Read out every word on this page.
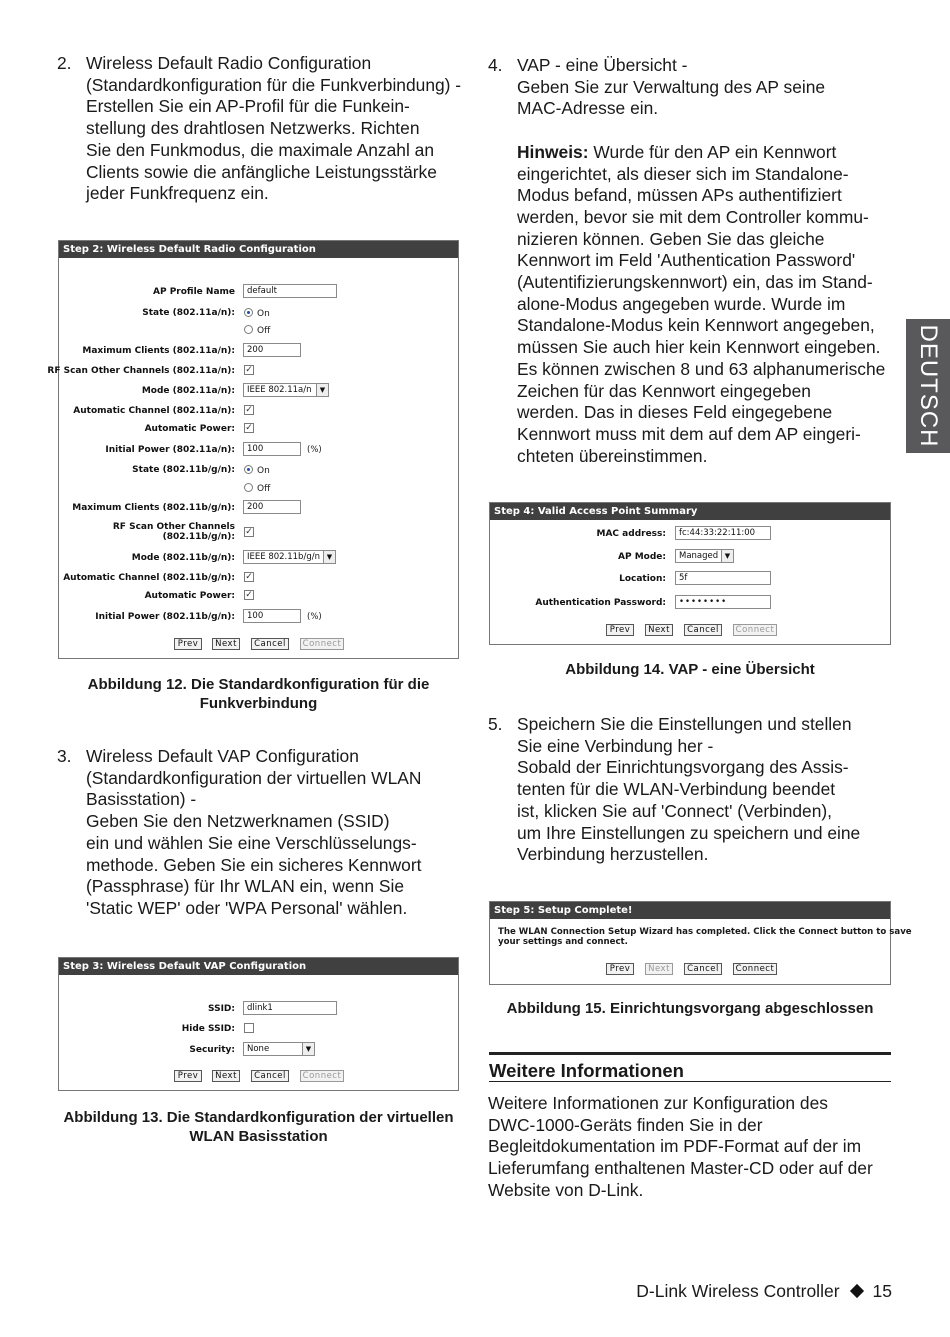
DEUTSCH
2. Wireless Default Radio Configuration
(Standardkonfiguration für die Funkverbindung) -
Erstellen Sie ein AP-Profil für die Funkein-
stellung des drahtlosen Netzwerks. Richten
Sie den Funkmodus, die maximale Anzahl an
Clients sowie die anfängliche Leistungsstärke
jeder Funkfrequenz ein.
Step 2: Wireless Default Radio Configuration
AP Profile Name	default
State (802.11a/n): On
Off
Maximum Clients (802.11a/n):	200
RF Scan Other Channels (802.11a/n): ✓
Mode (802.11a/n):	IEEE 802.11a/n	▼
Automatic Channel (802.11a/n): ✓
Automatic Power: ✓
Initial Power (802.11a/n):	100	(%)
State (802.11b/g/n): On
Off
Maximum Clients (802.11b/g/n):	200
RF Scan Other Channels
(802.11b/g/n): ✓
Mode (802.11b/g/n):	IEEE 802.11b/g/n ▼
Automatic Channel (802.11b/g/n): ✓
Automatic Power: ✓
Initial Power (802.11b/g/n):	100	(%)
Prev	Next	Cancel	Connect
Abbildung 12. Die Standardkonfiguration für die
Funkverbindung
3. Wireless Default VAP Configuration
(Standardkonfiguration der virtuellen WLAN
Basisstation) -
Geben Sie den Netzwerknamen (SSID)
ein und wählen Sie eine Verschlüsselungs-
methode. Geben Sie ein sicheres Kennwort
(Passphrase) für Ihr WLAN ein, wenn Sie
'Static WEP' oder 'WPA Personal' wählen.
Step 3: Wireless Default VAP Configuration
SSID:	dlink1
Hide SSID:
Security:	None	▼
Prev	Next	Cancel	Connect
Abbildung 13. Die Standardkonfiguration der virtuellen
WLAN Basisstation
4. VAP - eine Übersicht -
Geben Sie zur Verwaltung des AP seine
MAC-Adresse ein.
Hinweis: Wurde für den AP ein Kennwort
eingerichtet, als dieser sich im Standalone-
Modus befand, müssen APs authentifiziert
werden, bevor sie mit dem Controller kommu-
nizieren können. Geben Sie das gleiche
Kennwort im Feld 'Authentication Password'
(Autentifizierungskennwort) ein, das im Stand-
alone-Modus angegeben wurde. Wurde im
Standalone-Modus kein Kennwort angegeben,
müssen Sie auch hier kein Kennwort eingeben.
Es können zwischen 8 und 63 alphanumerische
Zeichen für das Kennwort eingegeben
werden. Das in dieses Feld eingegebene
Kennwort muss mit dem auf dem AP eingeri-
chteten übereinstimmen.
Step 4: Valid Access Point Summary
MAC address:	fc:44:33:22:11:00
AP Mode:	Managed ▼
Location:	5f
Authentication Password:	••••••••
Prev	Next	Cancel	Connect
Abbildung 14. VAP - eine Übersicht
5. Speichern Sie die Einstellungen und stellen
Sie eine Verbindung her -
Sobald der Einrichtungsvorgang des Assis-
tenten für die WLAN-Verbindung beendet
ist, klicken Sie auf 'Connect' (Verbinden),
um Ihre Einstellungen zu speichern und eine
Verbindung herzustellen.
Step 5: Setup Complete!
The WLAN Connection Setup Wizard has completed. Click the Connect button to save
your settings and connect.
Prev	Next	Cancel	Connect
Abbildung 15. Einrichtungsvorgang abgeschlossen
Weitere Informationen
Weitere Informationen zur Konfiguration des
DWC-1000-Geräts finden Sie in der
Begleitdokumentation im PDF-Format auf der im
Lieferumfang enthaltenen Master-CD oder auf der
Website von D-Link.
D-Link Wireless Controller 15
